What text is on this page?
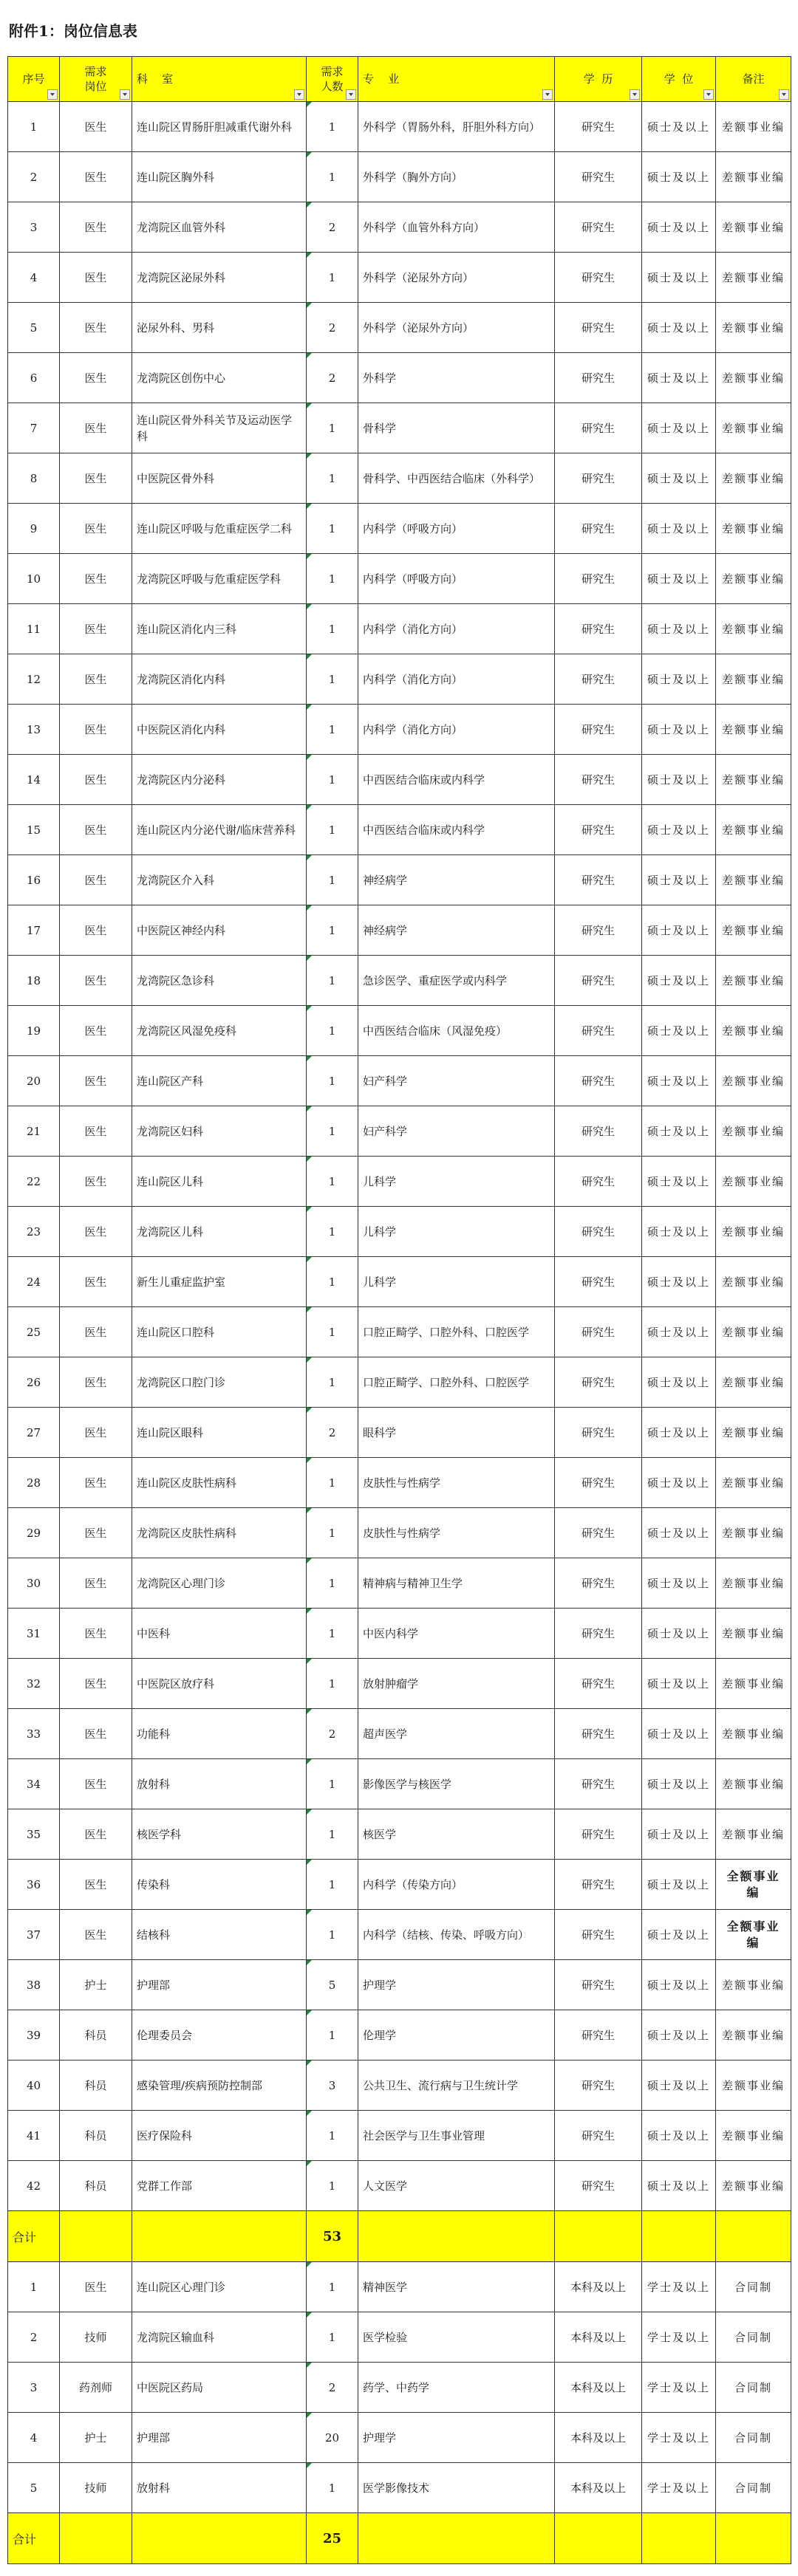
附件1：岗位信息表
序号	需求岗位	科    室	需求人数	专    业	学  历	学  位	备注

1	医生	连山院区胃肠肝胆减重代谢外科	1	外科学（胃肠外科，肝胆外科方向）	研究生	硕士及以上	差额事业编

2	医生	连山院区胸外科	1	外科学（胸外方向）	研究生	硕士及以上	差额事业编

3	医生	龙湾院区血管外科	2	外科学（血管外科方向）	研究生	硕士及以上	差额事业编

4	医生	龙湾院区泌尿外科	1	外科学（泌尿外方向）	研究生	硕士及以上	差额事业编

5	医生	泌尿外科、男科	2	外科学（泌尿外方向）	研究生	硕士及以上	差额事业编

6	医生	龙湾院区创伤中心	2	外科学	研究生	硕士及以上	差额事业编

7	医生	连山院区骨外科关节及运动医学科	1	骨科学	研究生	硕士及以上	差额事业编

8	医生	中医院区骨外科	1	骨科学、中西医结合临床（外科学）	研究生	硕士及以上	差额事业编

9	医生	连山院区呼吸与危重症医学二科	1	内科学（呼吸方向）	研究生	硕士及以上	差额事业编

10	医生	龙湾院区呼吸与危重症医学科	1	内科学（呼吸方向）	研究生	硕士及以上	差额事业编

11	医生	连山院区消化内三科	1	内科学（消化方向）	研究生	硕士及以上	差额事业编

12	医生	龙湾院区消化内科	1	内科学（消化方向）	研究生	硕士及以上	差额事业编

13	医生	中医院区消化内科	1	内科学（消化方向）	研究生	硕士及以上	差额事业编

14	医生	龙湾院区内分泌科	1	中西医结合临床或内科学	研究生	硕士及以上	差额事业编

15	医生	连山院区内分泌代谢/临床营养科	1	中西医结合临床或内科学	研究生	硕士及以上	差额事业编

16	医生	龙湾院区介入科	1	神经病学	研究生	硕士及以上	差额事业编

17	医生	中医院区神经内科	1	神经病学	研究生	硕士及以上	差额事业编

18	医生	龙湾院区急诊科	1	急诊医学、重症医学或内科学	研究生	硕士及以上	差额事业编

19	医生	龙湾院区风湿免疫科	1	中西医结合临床（风湿免疫）	研究生	硕士及以上	差额事业编

20	医生	连山院区产科	1	妇产科学	研究生	硕士及以上	差额事业编

21	医生	龙湾院区妇科	1	妇产科学	研究生	硕士及以上	差额事业编

22	医生	连山院区儿科	1	儿科学	研究生	硕士及以上	差额事业编

23	医生	龙湾院区儿科	1	儿科学	研究生	硕士及以上	差额事业编

24	医生	新生儿重症监护室	1	儿科学	研究生	硕士及以上	差额事业编

25	医生	连山院区口腔科	1	口腔正畸学、口腔外科、口腔医学	研究生	硕士及以上	差额事业编

26	医生	龙湾院区口腔门诊	1	口腔正畸学、口腔外科、口腔医学	研究生	硕士及以上	差额事业编

27	医生	连山院区眼科	2	眼科学	研究生	硕士及以上	差额事业编

28	医生	连山院区皮肤性病科	1	皮肤性与性病学	研究生	硕士及以上	差额事业编

29	医生	龙湾院区皮肤性病科	1	皮肤性与性病学	研究生	硕士及以上	差额事业编

30	医生	龙湾院区心理门诊	1	精神病与精神卫生学	研究生	硕士及以上	差额事业编

31	医生	中医科	1	中医内科学	研究生	硕士及以上	差额事业编

32	医生	中医院区放疗科	1	放射肿瘤学	研究生	硕士及以上	差额事业编

33	医生	功能科	2	超声医学	研究生	硕士及以上	差额事业编

34	医生	放射科	1	影像医学与核医学	研究生	硕士及以上	差额事业编

35	医生	核医学科	1	核医学	研究生	硕士及以上	差额事业编

36	医生	传染科	1	内科学（传染方向）	研究生	硕士及以上	全额事业编

37	医生	结核科	1	内科学（结核、传染、呼吸方向）	研究生	硕士及以上	全额事业编

38	护士	护理部	5	护理学	研究生	硕士及以上	差额事业编

39	科员	伦理委员会	1	伦理学	研究生	硕士及以上	差额事业编

40	科员	感染管理/疾病预防控制部	3	公共卫生、流行病与卫生统计学	研究生	硕士及以上	差额事业编

41	科员	医疗保险科	1	社会医学与卫生事业管理	研究生	硕士及以上	差额事业编

42	科员	党群工作部	1	人文医学	研究生	硕士及以上	差额事业编

合计			53				

1	医生	连山院区心理门诊	1	精神医学	本科及以上	学士及以上	合同制

2	技师	龙湾院区输血科	1	医学检验	本科及以上	学士及以上	合同制

3	药剂师	中医院区药局	2	药学、中药学	本科及以上	学士及以上	合同制

4	护士	护理部	20	护理学	本科及以上	学士及以上	合同制

5	技师	放射科	1	医学影像技术	本科及以上	学士及以上	合同制

合计			25				
